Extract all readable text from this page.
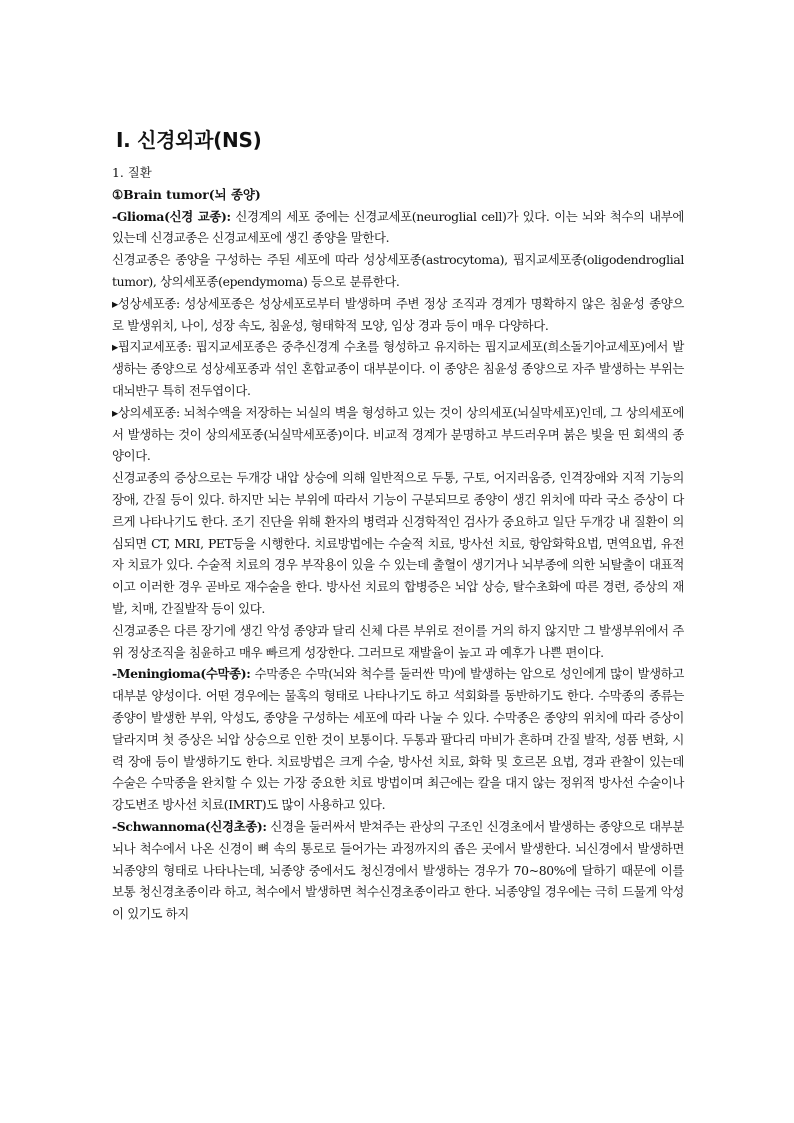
Ⅰ. 신경외과(NS)

1. 질환

①Brain tumor(뇌 종양)

-Glioma(신경 교종): 신경계의 세포 중에는 신경교세포(neuroglial cell)가 있다. 이는 뇌와 척수의 내부에 있는데 신경교종은 신경교세포에 생긴 종양을 말한다.

신경교종은 종양을 구성하는 주된 세포에 따라 성상세포종(astrocytoma), 핍지교세포종(oligodendroglial tumor), 상의세포종(ependymoma) 등으로 분류한다.

▸성상세포종: 성상세포종은 성상세포로부터 발생하며 주변 정상 조직과 경계가 명확하지 않은 침윤성 종양으로 발생위치, 나이, 성장 속도, 침윤성, 형태학적 모양, 임상 경과 등이 매우 다양하다.

▸핍지교세포종: 핍지교세포종은 중추신경계 수초를 형성하고 유지하는 핍지교세포(희소돌기아교세포)에서 발생하는 종양으로 성상세포종과 섞인 혼합교종이 대부분이다. 이 종양은 침윤성 종양으로 자주 발생하는 부위는 대뇌반구 특히 전두엽이다.

▸상의세포종: 뇌척수액을 저장하는 뇌실의 벽을 형성하고 있는 것이 상의세포(뇌실막세포)인데, 그 상의세포에서 발생하는 것이 상의세포종(뇌실막세포종)이다. 비교적 경계가 분명하고 부드러우며 붉은 빛을 띤 회색의 종양이다.

신경교종의 증상으로는 두개강 내압 상승에 의해 일반적으로 두통, 구토, 어지러움증, 인격장애와 지적 기능의 장애, 간질 등이 있다. 하지만 뇌는 부위에 따라서 기능이 구분되므로 종양이 생긴 위치에 따라 국소 증상이 다르게 나타나기도 한다. 조기 진단을 위해 환자의 병력과 신경학적인 검사가 중요하고 일단 두개강 내 질환이 의심되면 CT, MRI, PET등을 시행한다. 치료방법에는 수술적 치료, 방사선 치료, 항암화학요법, 면역요법, 유전자 치료가 있다. 수술적 치료의 경우 부작용이 있을 수 있는데 출혈이 생기거나 뇌부종에 의한 뇌탈출이 대표적이고 이러한 경우 곧바로 재수술을 한다. 방사선 치료의 합병증은 뇌압 상승, 탈수초화에 따른 경련, 증상의 재발, 치매, 간질발작 등이 있다.

신경교종은 다른 장기에 생긴 악성 종양과 달리 신체 다른 부위로 전이를 거의 하지 않지만 그 발생부위에서 주위 정상조직을 침윤하고 매우 빠르게 성장한다. 그러므로 재발율이 높고 과 예후가 나쁜 편이다.

-Meningioma(수막종): 수막종은 수막(뇌와 척수를 둘러싼 막)에 발생하는 암으로 성인에게 많이 발생하고 대부분 양성이다. 어떤 경우에는 물혹의 형태로 나타나기도 하고 석회화를 동반하기도 한다. 수막종의 종류는 종양이 발생한 부위, 악성도, 종양을 구성하는 세포에 따라 나눌 수 있다. 수막종은 종양의 위치에 따라 증상이 달라지며 첫 증상은 뇌압 상승으로 인한 것이 보통이다. 두통과 팔다리 마비가 흔하며 간질 발작, 성품 변화, 시력 장애 등이 발생하기도 한다. 치료방법은 크게 수술, 방사선 치료, 화학 및 호르몬 요법, 경과 관찰이 있는데 수술은 수막종을 완치할 수 있는 가장 중요한 치료 방법이며 최근에는 칼을 대지 않는 정위적 방사선 수술이나 강도변조 방사선 치료(IMRT)도 많이 사용하고 있다.

-Schwannoma(신경초종): 신경을 둘러싸서 받쳐주는 관상의 구조인 신경초에서 발생하는 종양으로 대부분 뇌나 척수에서 나온 신경이 뼈 속의 통로로 들어가는 과정까지의 좁은 곳에서 발생한다. 뇌신경에서 발생하면 뇌종양의 형태로 나타나는데, 뇌종양 중에서도 청신경에서 발생하는 경우가 70~80%에 달하기 때문에 이를 보통 청신경초종이라 하고, 척수에서 발생하면 척수신경초종이라고 한다. 뇌종양일 경우에는 극히 드물게 악성이 있기도 하지
